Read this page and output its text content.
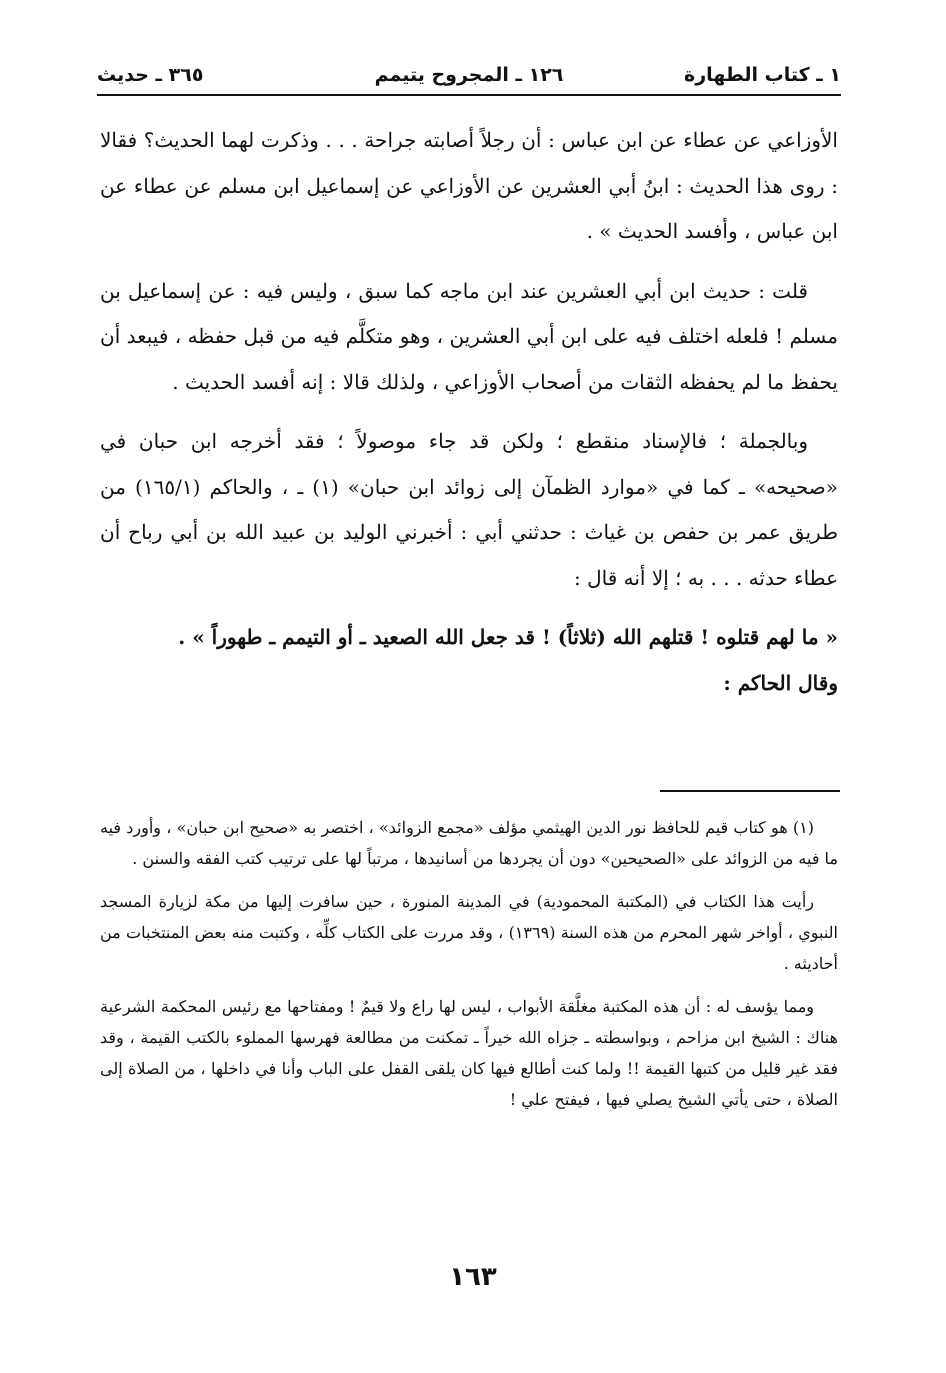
١ ـ كتاب الطهارة
١٢٦ ـ المجروح يتيمم
٣٦٥ ـ حديث

الأوزاعي عن عطاء عن ابن عباس : أن رجلاً أصابته جراحة . . . وذكرت لهما الحديث؟ فقالا : روى هذا الحديث : ابنُ أبي العشرين عن الأوزاعي عن إسماعيل ابن مسلم عن عطاء عن ابن عباس ، وأفسد الحديث » .

قلت : حديث ابن أبي العشرين عند ابن ماجه كما سبق ، وليس فيه : عن إسماعيل بن مسلم ! فلعله اختلف فيه على ابن أبي العشرين ، وهو متكلَّم فيه من قبل حفظه ، فيبعد أن يحفظ ما لم يحفظه الثقات من أصحاب الأوزاعي ، ولذلك قالا : إنه أفسد الحديث .

وبالجملة ؛ فالإسناد منقطع ؛ ولكن قد جاء موصولاً ؛ فقد أخرجه ابن حبان في «صحيحه» ـ كما في «موارد الظمآن إلى زوائد ابن حبان» (١) ـ ، والحاكم (١٦٥/١) من طريق عمر بن حفص بن غياث : حدثني أبي : أخبرني الوليد بن عبيد الله بن أبي رباح أن عطاء حدثه . . . به ؛ إلا أنه قال :

« ما لهم قتلوه ! قتلهم الله (ثلاثاً) ! قد جعل الله الصعيد ـ أو التيمم ـ طهوراً » .

وقال الحاكم :

(١) هو كتاب قيم للحافظ نور الدين الهيثمي مؤلف «مجمع الزوائد» ، اختصر به «صحيح ابن حبان» ، وأورد فيه ما فيه من الزوائد على «الصحيحين» دون أن يجردها من أسانيدها ، مرتباً لها على ترتيب كتب الفقه والسنن .

رأيت هذا الكتاب في (المكتبة المحمودية) في المدينة المنورة ، حين سافرت إليها من مكة لزيارة المسجد النبوي ، أواخر شهر المحرم من هذه السنة (١٣٦٩) ، وقد مررت على الكتاب كلِّه ، وكتبت منه بعض المنتخبات من أحاديثه .

ومما يؤسف له : أن هذه المكتبة مغلَّقة الأبواب ، ليس لها راع ولا قيمٌ ! ومفتاحها مع رئيس المحكمة الشرعية هناك : الشيخ ابن مزاحم ، وبواسطته ـ جزاه الله خيراً ـ تمكنت من مطالعة فهرسها المملوء بالكتب القيمة ، وقد فقد غير قليل من كتبها القيمة !! ولما كنت أطالع فيها كان يلقى القفل على الباب وأنا في داخلها ، من الصلاة إلى الصلاة ، حتى يأتي الشيخ يصلي فيها ، فيفتح علي !

١٦٣
